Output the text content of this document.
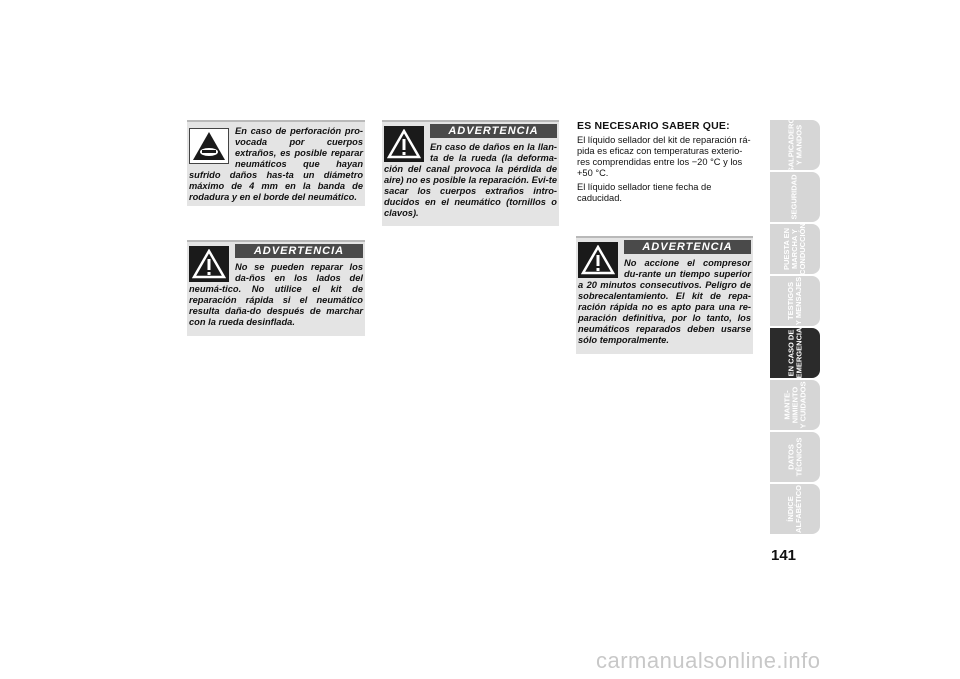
En caso de perforación pro-vocada por cuerpos extraños, es posible reparar neumáticos que hayan sufrido daños has-ta un diámetro máximo de 4 mm en la banda de rodadura y en el borde del neumático.
ADVERTENCIA
No se pueden reparar los da-ños en los lados del neumá-tico. No utilice el kit de reparación rápida si el neumático resulta daña-do después de marchar con la rueda desinflada.
ADVERTENCIA
En caso de daños en la llan-ta de la rueda (la deforma-ción del canal provoca la pérdida de aire) no es posible la reparación. Evi-te sacar los cuerpos extraños intro-ducidos en el neumático (tornillos o clavos).
ES NECESARIO SABER QUE:

El líquido sellador del kit de reparación rá-pida es eficaz con temperaturas exterio-res comprendidas entre los −20 °C y los +50 °C.

El líquido sellador tiene fecha de caducidad.

ADVERTENCIA
No accione el compresor du-rante un tiempo superior a 20 minutos consecutivos. Peligro de sobrecalentamiento. El kit de repa-ración rápida no es apto para una re-paración definitiva, por lo tanto, los neumáticos reparados deben usarse sólo temporalmente.
SALPICADERO
Y MANDOS
SEGURIDAD
PUESTA EN
MARCHA Y
CONDUCCIÓN
TESTIGOS
Y MENSAJES
EN CASO DE
EMERGENCIA
MANTE-
NIMIENTO
Y CUIDADOS
DATOS
TÉCNICOS
ÍNDICE
ALFABÉTICO
141
carmanualsonline.info
